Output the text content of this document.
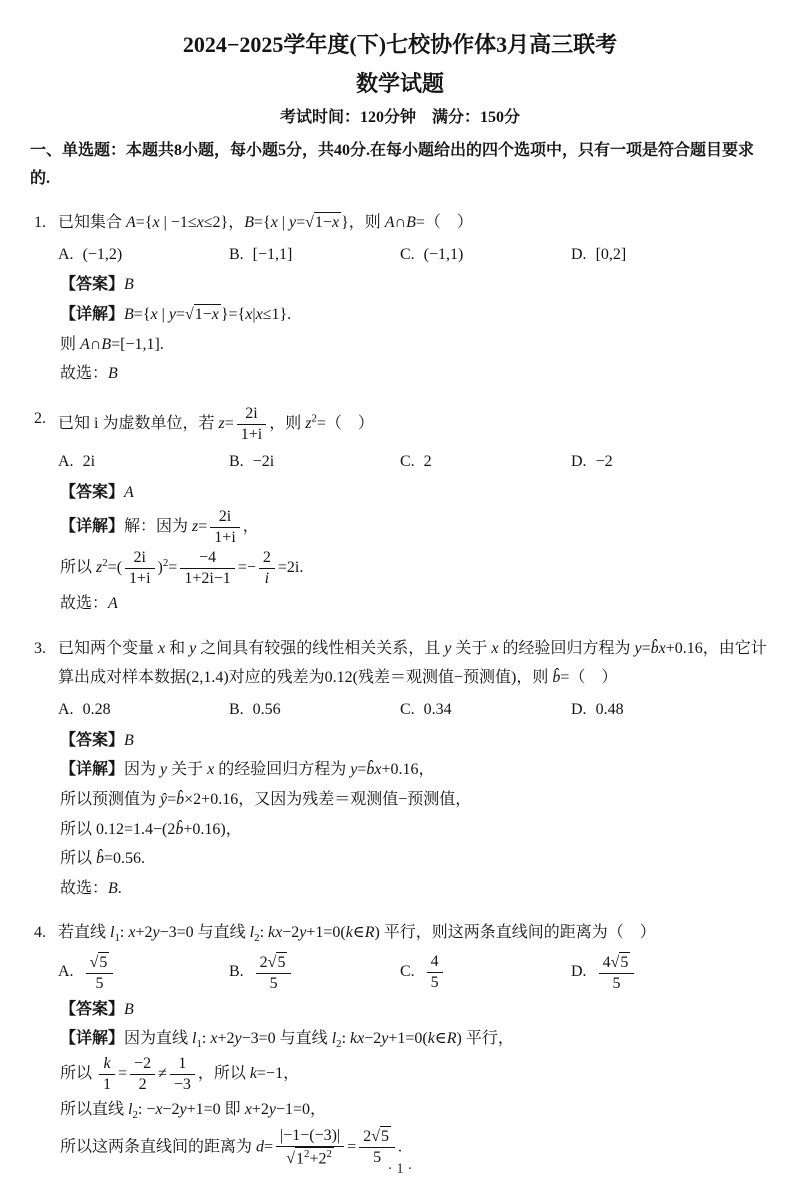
2024−2025学年度(下)七校协作体3月高三联考
数学试题

考试时间：120分钟　满分：150分

一、单选题：本题共8小题，每小题5分，共40分.在每小题给出的四个选项中，只有一项是符合题目要求的.

1. 已知集合 A={x | −1≤x≤2}，B={x | y=√1−x }，则 A∩B=（　）
A. (−1,2)	B. [−1,1]	C. (−1,1)	D. [0,2]
【答案】B
【详解】B={x | y=√1−x }={x|x≤1}.
则 A∩B=[−1,1].
故选：B
2. 已知 i 为虚数单位，若 $z= \frac{2i}{1+i}$ ，则 $z^2=$（　）
A. 2i	B. −2i	C. 2	D. −2
【答案】A
【详解】解：因为 $z= \frac{2i}{1+i}$ ，
所以 $z^2=( \frac{2i}{1+i} )^2= \frac{-4}{1+2i-1} =- \frac{2}{i} =2i$.
故选：A
3. 已知两个变量 x 和 y 之间具有较强的线性相关关系，且 y 关于 x 的经验回归方程为 y=b̂x+0.16，由它计算出成对样本数据(2,1.4)对应的残差为0.12(残差＝观测值−预测值)，则 b̂=（　）
A. 0.28	B. 0.56	C. 0.34	D. 0.48
【答案】B
【详解】因为 y 关于 x 的经验回归方程为 y=b̂x+0.16，
所以预测值为 ŷ=b̂×2+0.16，又因为残差＝观测值−预测值，
所以 0.12=1.4−(2b̂+0.16)，
所以 b̂=0.56.
故选：B.
4. 若直线 $l_1$: x+2y−3=0 与直线 $l_2$: kx−2y+1=0(k∈R) 平行，则这两条直线间的距离为（　）
A. $\frac{√5}{5}$	B. $\frac{2√5}{5}$	C. $\frac{4}{5}$	D. $\frac{4√5}{5}$
【答案】B
【详解】因为直线 $l_1$: x+2y−3=0 与直线 $l_2$: kx−2y+1=0(k∈R) 平行，
所以 $\frac{k}{1} = \frac{-2}{2} \ne \frac{1}{-3}$ ，所以 k=−1，
所以直线 $l_2$: −x−2y+1=0 即 x+2y−1=0，
所以这两条直线间的距离为 $d= \frac{|-1-(-3)|}{√1^2+2^2} = \frac{2√5}{5}$ .
· 1 ·
